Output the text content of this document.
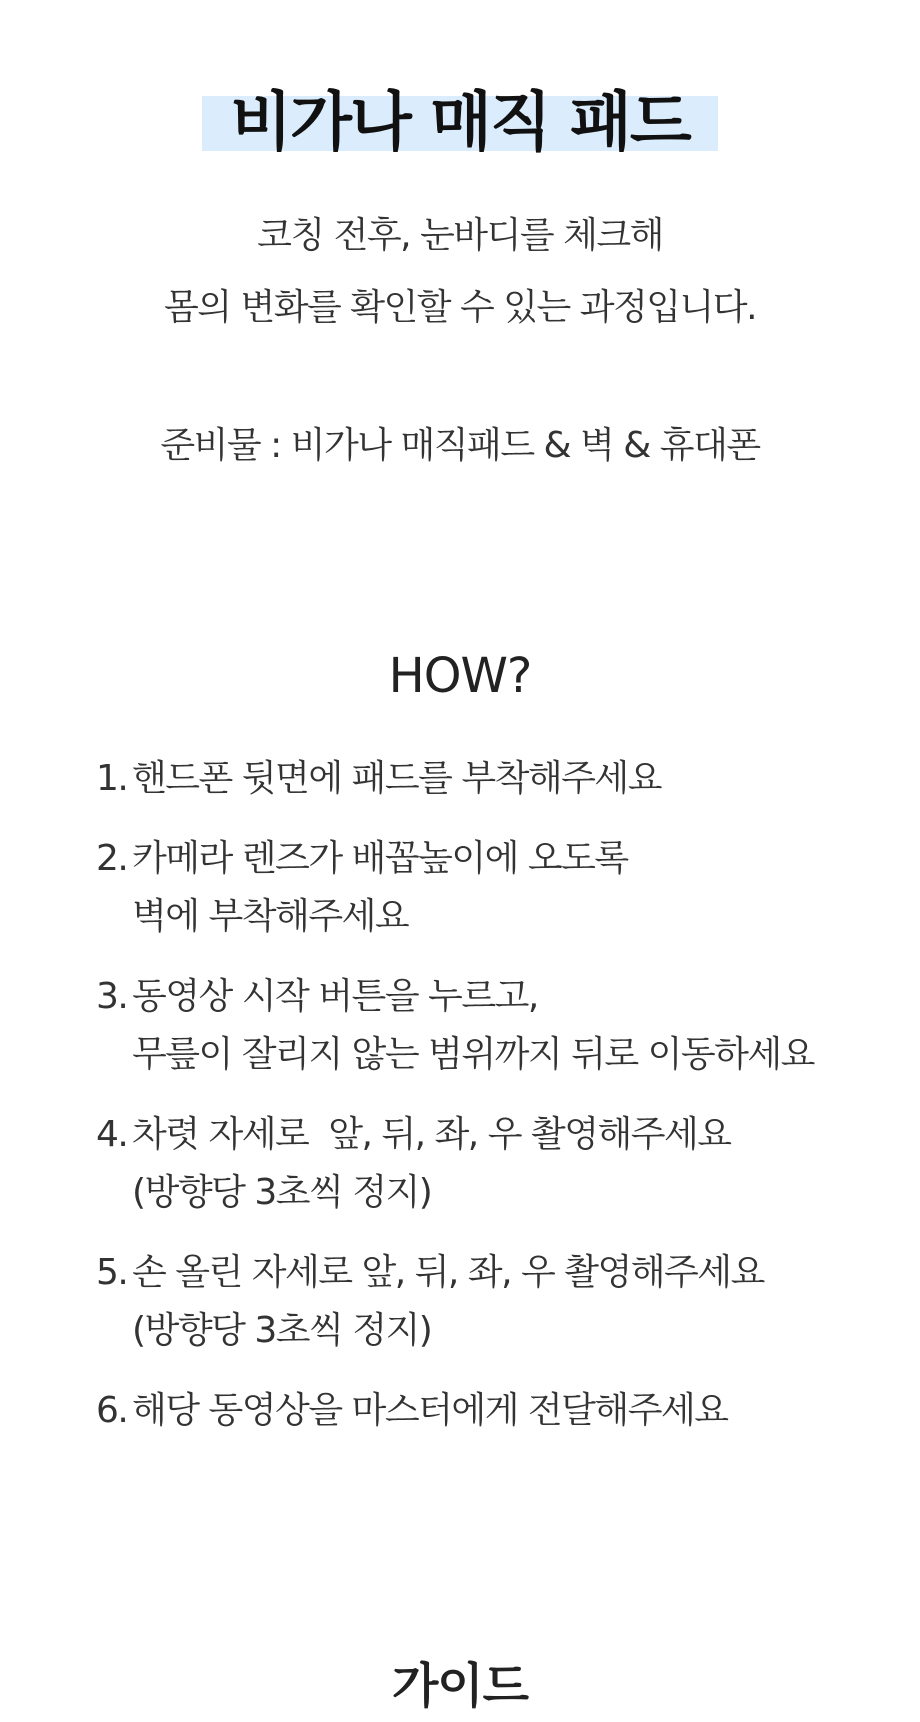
비가나 매직 패드

코칭 전후, 눈바디를 체크해

몸의 변화를 확인할 수 있는 과정입니다.

준비물 : 비가나 매직패드 & 벽 & 휴대폰

HOW?
1. 핸드폰 뒷면에 패드를 부착해주세요
2. 카메라 렌즈가 배꼽높이에 오도록
벽에 부착해주세요
3. 동영상 시작 버튼을 누르고,
무릎이 잘리지 않는 범위까지 뒤로 이동하세요
4. 차렷 자세로  앞, 뒤, 좌, 우 촬영해주세요
(방향당 3초씩 정지)
5. 손 올린 자세로 앞, 뒤, 좌, 우 촬영해주세요
(방향당 3초씩 정지)
6. 해당 동영상을 마스터에게 전달해주세요
가이드
